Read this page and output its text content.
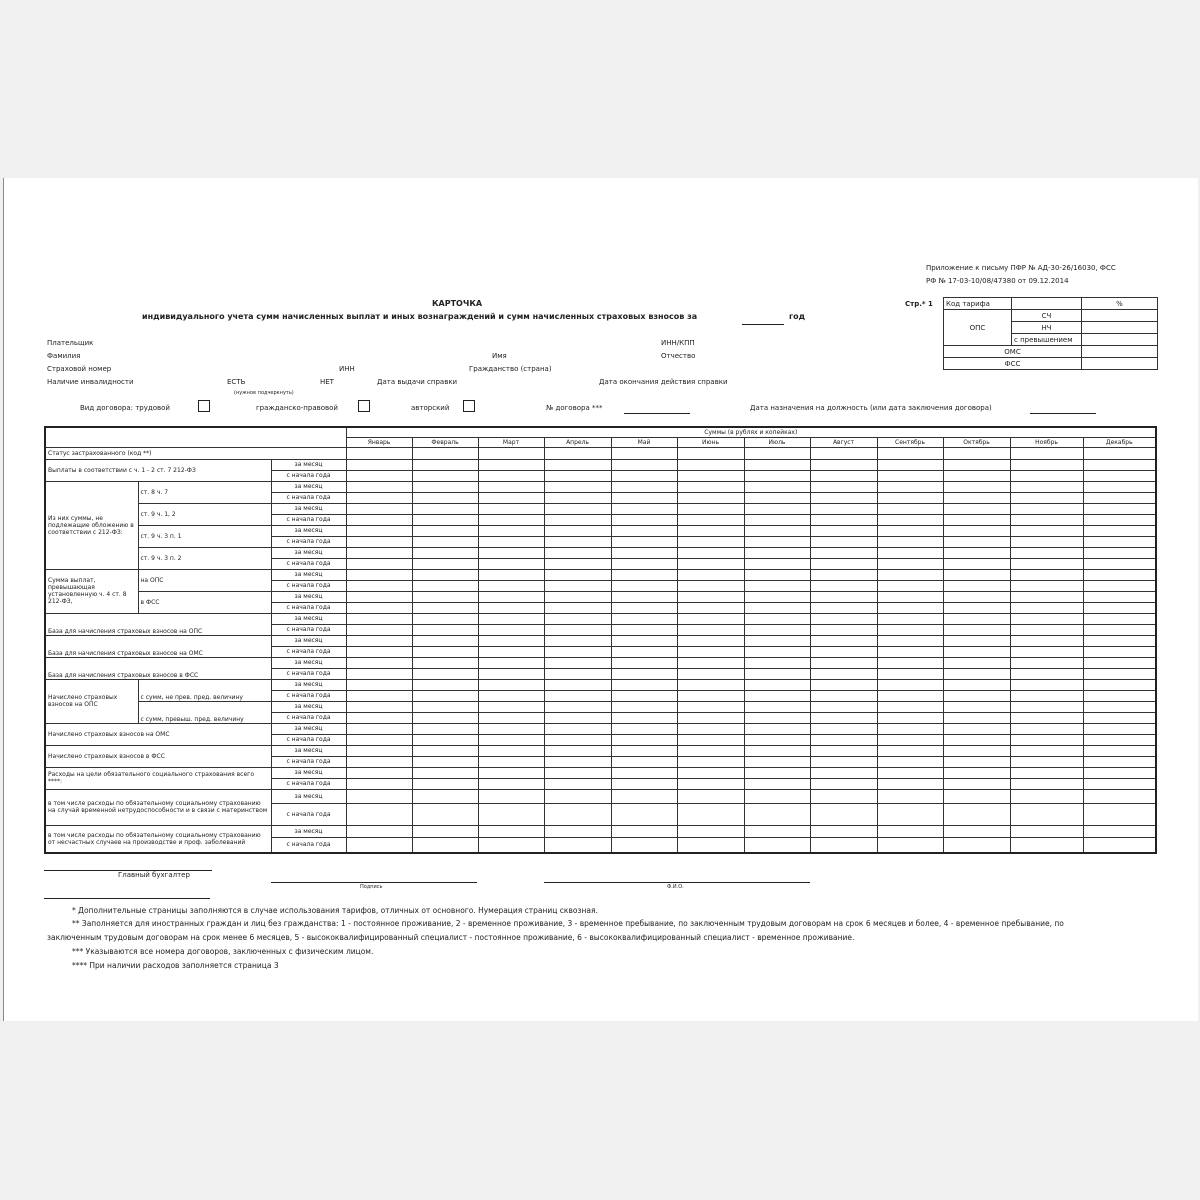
Приложение к письму ПФР № АД-30-26/16030, ФСС
РФ № 17-03-10/08/47380 от 09.12.2014
КАРТОЧКА
индивидуального учета сумм начисленных выплат и иных вознаграждений и сумм начисленных страховых взносов за	год
Стр.* 1 Код тарифа		%
ОПС	СЧ	
	НЧ	
	с превышением	
ОМС		
ФСС		
Плательщик	ИНН/КПП
Фамилия	Имя	Отчество
Страховой номер	ИНН	Гражданство (страна)
Наличие инвалидности	ЕСТЬ
(нужное подчеркнуть)
НЕТ	Дата выдачи справки	Дата окончания действия справки
Вид договора: трудовой	гражданско-правовой	авторский	№ договора ***	Дата назначения на должность (или дата заключения договора)
			Суммы (в рублях и копейках)											
			Январь	Февраль	Март	Апрель	Май	Июнь	Июль	Август	Сентябрь	Октябрь	Ноябрь	Декабрь
Статус застрахованного (код **)														
Выплаты в соответствии с ч. 1 - 2 ст. 7 212-ФЗ		за месяц												
		с начала года												
Из них суммы, не подлежащие обложению в соответствии с 212-ФЗ:	ст. 8 ч. 7	за месяц												
		с начала года												
	ст. 9 ч. 1, 2	за месяц												
		с начала года												
	ст. 9 ч. 3 п. 1	за месяц												
		с начала года												
	ст. 9 ч. 3 п. 2	за месяц												
		с начала года												
Сумма выплат, превышающая установленную ч. 4 ст. 8 212-ФЗ,	на ОПС	за месяц												
		с начала года												
	в ФСС	за месяц												
		с начала года												
База для начисления страховых взносов на ОПС		за месяц												
		с начала года												
База для начисления страховых взносов на ОМС		за месяц												
		с начала года												
База для начисления страховых взносов в ФСС		за месяц												
		с начала года												
Начислено страховых взносов на ОПС	с сумм, не прев. пред. величину	за месяц												
		с начала года												
	с сумм, превыш. пред. величину	за месяц												
		с начала года												
Начислено страховых взносов на ОМС		за месяц												
		с начала года												
Начислено страховых взносов в ФСС		за месяц												
		с начала года												
Расходы на цели обязательного социального страхования всего ****:		за месяц												
		с начала года												
в том числе расходы по обязательному социальному страхованию на случай временной нетрудоспособности и в связи с материнством		за месяц												
		с начала года												
в том числе расходы по обязательному социальному страхованию от несчастных случаев на производстве и проф. заболеваний		за месяц												
		с начала года												
Главный бухгалтер
Подпись	Ф.И.О.
* Дополнительные страницы заполняются в случае использования тарифов, отличных от основного. Нумерация страниц сквозная.
** Заполняется для иностранных граждан и лиц без гражданства: 1 - постоянное проживание, 2 - временное проживание, 3 - временное пребывание, по заключенным трудовым договорам на срок 6 месяцев и более, 4 - временное пребывание, по
заключенным трудовым договорам на срок менее 6 месяцев, 5 - высококвалифицированный специалист - постоянное проживание, 6 - высококвалифицированный специалист - временное проживание.
*** Указываются все номера договоров, заключенных с физическим лицом.
**** При наличии расходов заполняется страница 3
